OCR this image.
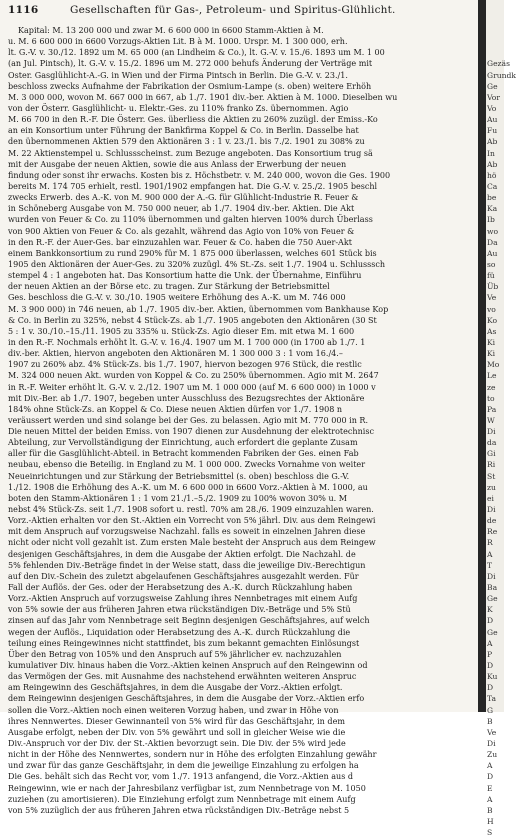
1116	Gesellschaften für Gas-, Petroleum- und Spiritus-Glühlicht.
Kapital: M. 13 200 000 und zwar M. 6 600 000 in 6600 Stamm-Aktien à M.
u. M. 6 600 000 in 6600 Vorzugs-Aktien Lit. B à M. 1000. Urspr. M. 1 300 000, erh.
lt. G.-V. v. 30./12. 1892 um M. 65 000 (an Lindheim & Co.), lt. G.-V. v. 15./6. 1893 um M. 1 00
(an Jul. Pintsch), lt. G.-V. v. 15./2. 1896 um M. 272 000 behufs Änderung der Verträge mit
Oster. Gasglühlicht-A.-G. in Wien und der Firma Pintsch in Berlin. Die G.-V. v. 23./1.
beschloss zwecks Aufnahme der Fabrikation der Osmium-Lampe (s. oben) weitere Erhöh
M. 3 000 000, wovon M. 667 000 in 667, ab 1./7. 1901 div.-ber. Aktien à M. 1000. Dieselben wu
von der Österr. Gasglühlicht- u. Elektr.-Ges. zu 110% franko Zs. übernommen. Agio
M. 66 700 in den R.-F. Die Österr. Ges. überliess die Aktien zu 260% zuzügl. der Emiss.-Ko
an ein Konsortium unter Führung der Bankfirma Koppel & Co. in Berlin. Dasselbe hat
den übernommenen Aktien 579 den Aktionären 3 : 1 v. 23./1. bis 7./2. 1901 zu 308% zu
M. 22 Aktienstempel u. Schlussscheinst. zum Bezuge angeboten. Das Konsortium trug sä
mit der Ausgabe der neuen Aktien, sowie die aus Anlass der Erwerbung der neuen
findung oder sonst ihr erwachs. Kosten bis z. Höchstbetr. v. M. 240 000, wovon die Ges. 1900
bereits M. 174 705 erhielt, restl. 1901/1902 empfangen hat. Die G.-V. v. 25./2. 1905 beschl
zwecks Erwerb. des A.-K. von M. 900 000 der A.-G. für Glühlicht-Industrie R. Feuer &
in Schöneberg Ausgabe von M. 750 000 neuer, ab 1./7. 1904 div.-ber. Aktien. Die Akt
wurden von Feuer & Co. zu 110% übernommen und galten hierven 100% durch Überlass
von 900 Aktien von Feuer & Co. als gezahlt, während das Agio von 10% von Feuer &
in den R.-F. der Auer-Ges. bar einzuzahlen war. Feuer & Co. haben die 750 Auer-Akt
einem Bankkonsortium zu rund 290% für M. 1 875 000 überlassen, welches 601 Stück bis
1905 den Aktionären der Auer-Ges. zu 320% zuzügl. 4% St.-Zs. seit 1./7. 1904 u. Schlusssch
stempel 4 : 1 angeboten hat. Das Konsortium hatte die Unk. der Übernahme, Einführu
der neuen Aktien an der Börse etc. zu tragen. Zur Stärkung der Betriebsmittel
Ges. beschloss die G.-V. v. 30./10. 1905 weitere Erhöhung des A.-K. um M. 746 000
M. 3 900 000) in 746 neuen, ab 1./7. 1905 div.-ber. Aktien, übernommen vom Bankhause Kop
& Co. in Berlin zu 325%, nebst 4 Stück-Zs. ab 1./7. 1905 angeboten den Aktionären (30 St
5 : 1 v. 30./10.–15./11. 1905 zu 335% u. Stück-Zs. Agio dieser Em. mit etwa M. 1 600
in den R.-F. Nochmals erhöht lt. G.-V. v. 16./4. 1907 um M. 1 700 000 (in 1700 ab 1./7. 1
div.-ber. Aktien, hiervon angeboten den Aktionären M. 1 300 000 3 : 1 vom 16./4.–
1907 zu 260% abz. 4% Stück-Zs. bis 1./7. 1907, hiervon bezogen 976 Stück, die restlic
M. 324 000 neuen Akt. wurden von Koppel & Co. zu 250% übernommen. Agio mit M. 2647
in R.-F. Weiter erhöht lt. G.-V. v. 2./12. 1907 um M. 1 000 000 (auf M. 6 600 000) in 1000 v
mit Div.-Ber. ab 1./7. 1907, begeben unter Ausschluss des Bezugsrechtes der Aktionäre
184% ohne Stück-Zs. an Koppel & Co. Diese neuen Aktien dürfen vor 1./7. 1908 n
veräussert werden und sind solange bei der Ges. zu belassen. Agio mit M. 770 000 in R.
Die neuen Mittel der beiden Emiss. von 1907 dienen zur Ausdehnung der elektrotechnisc
Abteilung, zur Vervollständigung der Einrichtung, auch erfordert die geplante Zusam
aller für die Gasglühlicht-Abteil. in Betracht kommenden Fabriken der Ges. einen Fab
neubau, ebenso die Beteilig. in England zu M. 1 000 000. Zwecks Vornahme von weiter
Neueinrichtungen und zur Stärkung der Betriebsmittel (s. oben) beschloss die G.-V.
1./12. 1908 die Erhöhung des A.-K. um M. 6 600 000 in 6600 Vorz.-Aktien à M. 1000, au
boten den Stamm-Aktionären 1 : 1 vom 21./1.–5./2. 1909 zu 100% wovon 30% u. M
nebst 4% Stück-Zs. seit 1./7. 1908 sofort u. restl. 70% am 28./6. 1909 einzuzahlen waren.
Vorz.-Aktien erhalten vor den St.-Aktien ein Vorrecht von 5% jährl. Div. aus dem Reingewi
mit dem Anspruch auf vorzugsweise Nachzahl. falls es soweit in einzelnen Jahren diese
nicht oder nicht voll gezahlt ist. Zum ersten Male besteht der Anspruch aus dem Reingew
desjenigen Geschäftsjahres, in dem die Ausgabe der Aktien erfolgt. Die Nachzahl. de
5% fehlenden Div.-Beträge findet in der Weise statt, dass die jeweilige Div.-Berechtigun
auf den Div.-Schein des zuletzt abgelaufenen Geschäftsjahres ausgezahlt werden. Für
Fall der Auflös. der Ges. oder der Herabsetzung des A.-K. durch Rückzahlung haben
Vorz.-Aktien Anspruch auf vorzugsweise Zahlung ihres Nennbetrages mit einem Aufg
von 5% sowie der aus früheren Jahren etwa rückständigen Div.-Beträge und 5% Stü
zinsen auf das Jahr vom Nennbetrage seit Beginn desjenigen Geschäftsjahres, auf welch
wegen der Auflös., Liquidation oder Herabsetzung des A.-K. durch Rückzahlung die
teilung eines Reingewinnes nicht stattfindet, bis zum bekannt gemachten Einlösungst
Über den Betrag von 105% und den Anspruch auf 5% jährlicher ev. nachzuzahlen
kumulativer Div. hinaus haben die Vorz.-Aktien keinen Anspruch auf den Reingewinn od
das Vermögen der Ges. mit Ausnahme des nachstehend erwähnten weiteren Anspruc
am Reingewinn des Geschäftsjahres, in dem die Ausgabe der Vorz.-Aktien erfolgt.
dem Reingewinn desjenigen Geschäftsjahres, in dem die Ausgabe der Vorz.-Aktien erfo
sollen die Vorz.-Aktien noch einen weiteren Vorzug haben, und zwar in Höhe von
ihres Nennwertes. Dieser Gewinnanteil von 5% wird für das Geschäftsjahr, in dem
Ausgabe erfolgt, neben der Div. von 5% gewährt und soll in gleicher Weise wie die
Div.-Anspruch vor der Div. der St.-Aktien bevorzugt sein. Die Div. der 5% wird jede
nicht in der Höhe des Nennwertes, sondern nur in Höhe des erfolgten Einzahlung gewähr
und zwar für das ganze Geschäftsjahr, in dem die jeweilige Einzahlung zu erfolgen ha
Die Ges. behält sich das Recht vor, vom 1./7. 1913 anfangend, die Vorz.-Aktien aus d
Reingewinn, wie er nach der Jahresbilanz verfügbar ist, zum Nennbetrage von M. 1050
zuziehen (zu amortisieren). Die Einziehung erfolgt zum Nennbetrage mit einem Aufg
von 5% zuzüglich der aus früheren Jahren etwa rückständigen Div.-Beträge nebst 5
Gezäs
Grundk
Ge
Vor
Vo
Au
Fu
Ab
In
Ab
hö
Ca
be
Ka
Ib
wo
Da
Au
so
fü
Üb
Ve
vo
Ko
As
Ki
Ki
Mo
Le
ze
to
Pa
W
Di
da
Gi
Ri
St
zu
ei
Di
de
Re
R
A
T
Di
Ba
Ge
K
D
Ge
A
P
D
Ku
D
Ta
G
B
Ve
Di
Zu
A
D
E
A
B
H
S
